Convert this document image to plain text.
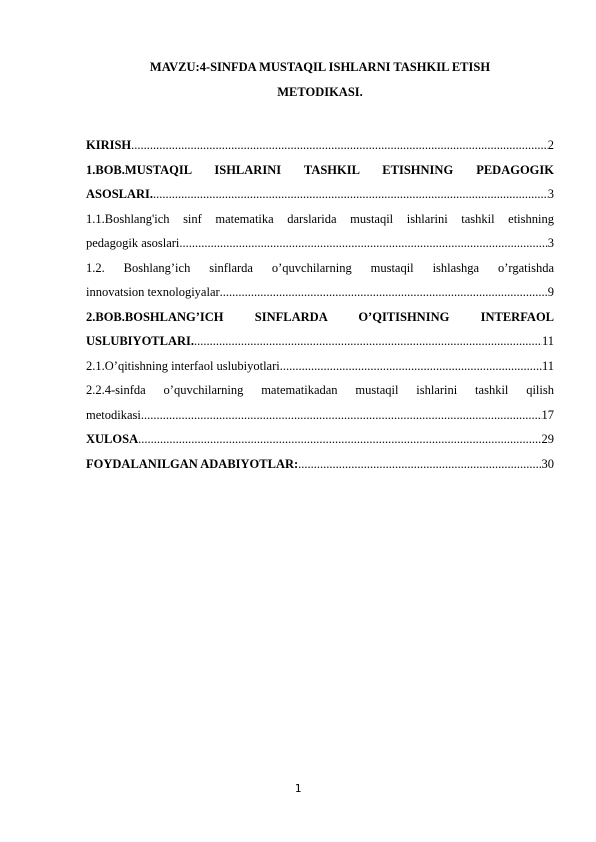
MAVZU:4-SINFDA MUSTAQIL ISHLARNI TASHKIL ETISH
METODIKASI.
KIRISH .....	2
1.BOB.MUSTAQIL ISHLARINI TASHKIL ETISHNING PEDAGOGIK
ASOSLARI. .....	3
1.1.Boshlang'ich sinf matematika darslarida mustaqil ishlarini tashkil etishning
pedagogik asoslari .....	3
1.2. Boshlang’ich sinflarda o’quvchilarning mustaqil ishlashga o’rgatishda
innovatsion texnologiyalar .....	9
2.BOB.BOSHLANG’ICH SINFLARDA O’QITISHNING INTERFAOL
USLUBIYOTLARI. .....	11
2.1.O’qitishning interfaol uslubiyotlari .....	11
2.2.4-sinfda o’quvchilarning matematikadan mustaqil ishlarini tashkil qilish
metodikasi .....	17
XULOSA .....	29
FOYDALANILGAN ADABIYOTLAR: .....	30
1
